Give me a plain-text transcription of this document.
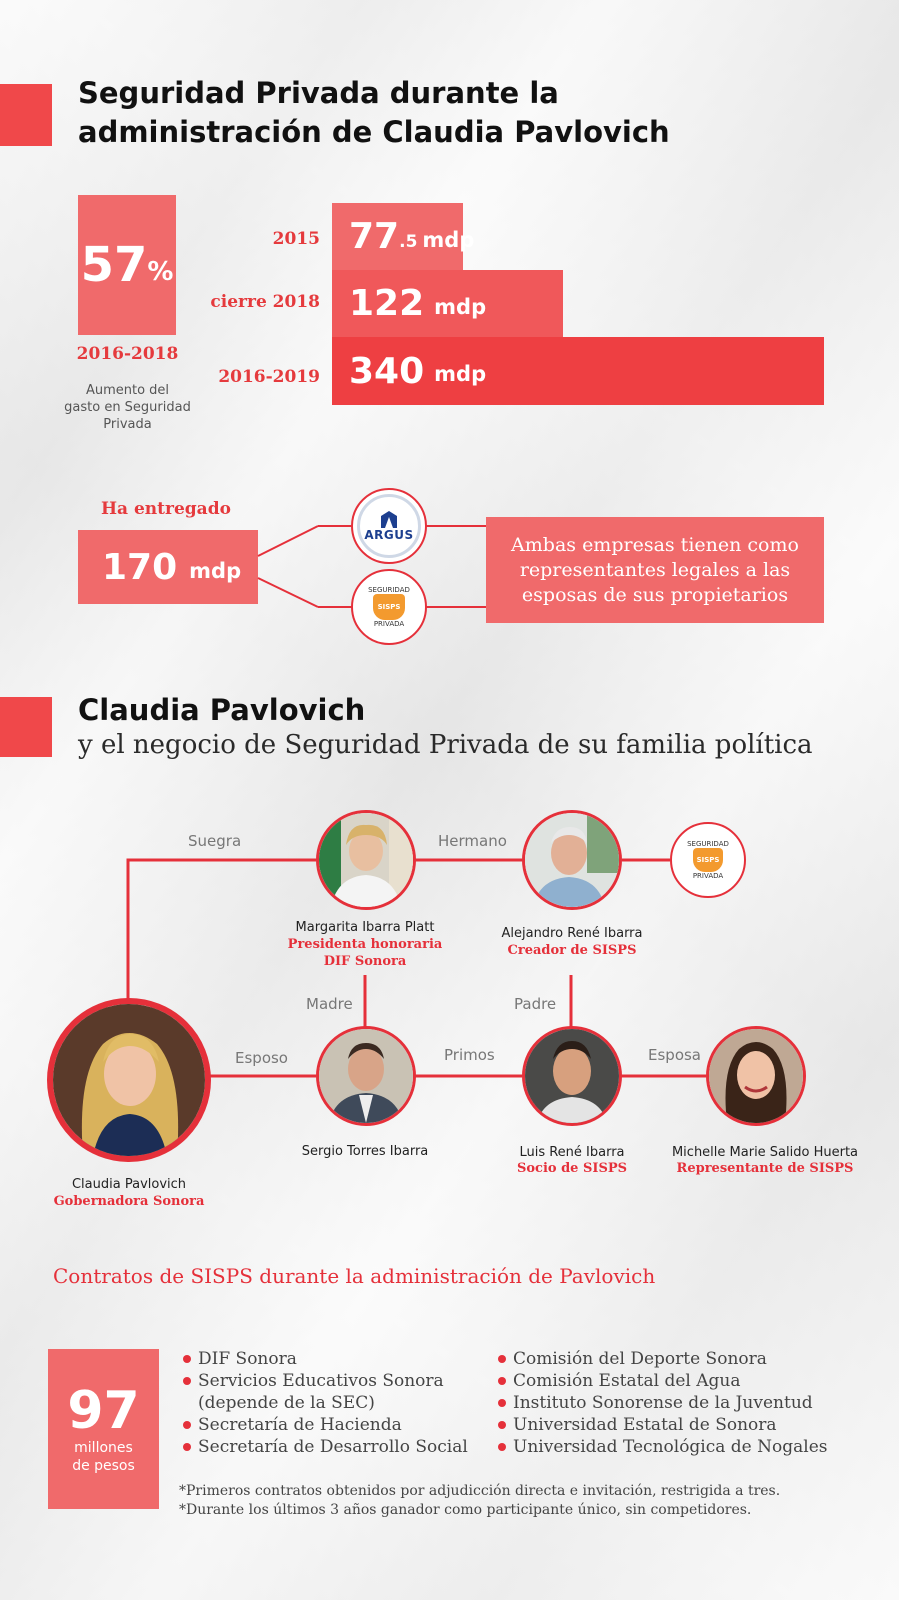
Seguridad Privada durante la
administración de Claudia Pavlovich
57 %
2016-2018
Aumento del
gasto en Seguridad
Privada
2015
cierre 2018
2016-2019
77 .5 mdp
122 mdp
340 mdp
Ha entregado
170 mdp
ARGUS
SEGURIDAD
SISPS
PRIVADA
Ambas empresas tienen como
representantes legales a las
esposas de sus propietarios
Claudia Pavlovich
y el negocio de Seguridad Privada de su familia política
Suegra	Hermano
Madre	Padre
Esposo	Primos	Esposa
Margarita Ibarra Platt
Presidenta honoraria
DIF Sonora
Alejandro René Ibarra
Creador de SISPS
SEGURIDAD
SISPS
PRIVADA
Claudia Pavlovich
Gobernadora Sonora
Sergio Torres Ibarra	Luis René Ibarra
Socio de SISPS
Michelle Marie Salido Huerta
Representante de SISPS
Contratos de SISPS durante la administración de Pavlovich
97
millones
de pesos
DIF Sonora
Servicios Educativos Sonora
(depende de la SEC)
Secretaría de Hacienda
Secretaría de Desarrollo Social
Comisión del Deporte Sonora
Comisión Estatal del Agua
Instituto Sonorense de la Juventud
Universidad Estatal de Sonora
Universidad Tecnológica de Nogales
*Primeros contratos obtenidos por adjudicción directa e invitación, restrigida a tres.
*Durante los últimos 3 años ganador como participante único, sin competidores.
